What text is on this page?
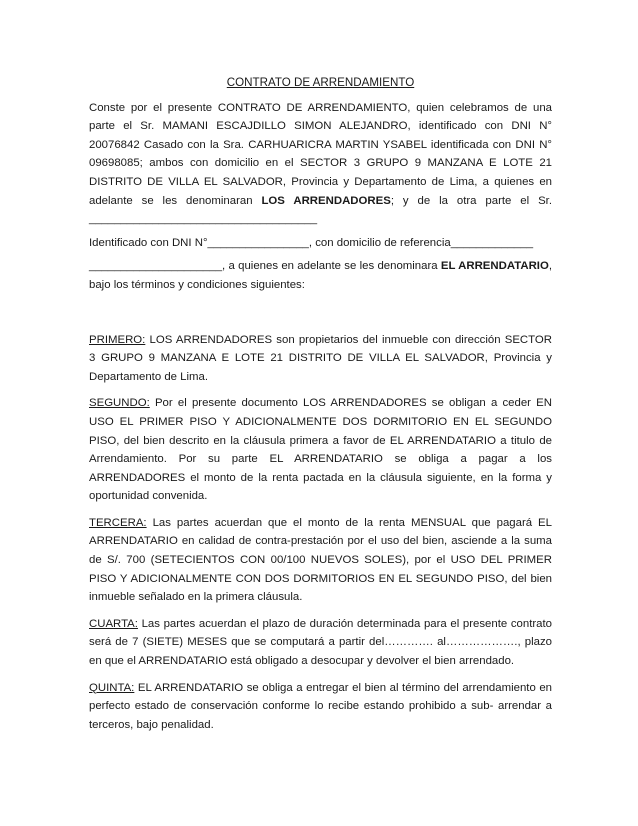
CONTRATO DE ARRENDAMIENTO

Conste por el presente CONTRATO DE ARRENDAMIENTO, quien celebramos de una parte el Sr. MAMANI ESCAJDILLO SIMON ALEJANDRO, identificado con DNI N° 20076842 Casado con la Sra. CARHUARICRA MARTIN YSABEL identificada con DNI N° 09698085; ambos con domicilio en el SECTOR 3 GRUPO 9 MANZANA E LOTE 21 DISTRITO DE VILLA EL SALVADOR, Provincia y Departamento de Lima, a quienes en adelante se les denominaran LOS ARRENDADORES; y de la otra parte el Sr. ____________________________________

Identificado con DNI N°________________, con domicilio de referencia_____________

_____________________, a quienes en adelante se les denominara EL ARRENDATARIO, bajo los términos y condiciones siguientes:

PRIMERO: LOS ARRENDADORES son propietarios del inmueble con dirección SECTOR 3 GRUPO 9 MANZANA E LOTE 21 DISTRITO DE VILLA EL SALVADOR, Provincia y Departamento de Lima.

SEGUNDO: Por el presente documento LOS ARRENDADORES se obligan a ceder EN USO EL PRIMER PISO Y ADICIONALMENTE DOS DORMITORIO EN EL SEGUNDO PISO, del bien descrito en la cláusula primera a favor de EL ARRENDATARIO a titulo de Arrendamiento. Por su parte EL ARRENDATARIO se obliga a pagar a los ARRENDADORES el monto de la renta pactada en la cláusula siguiente, en la forma y oportunidad convenida.

TERCERA: Las partes acuerdan que el monto de la renta MENSUAL que pagará EL ARRENDATARIO en calidad de contra-prestación por el uso del bien, asciende a la suma de S/. 700 (SETECIENTOS CON 00/100 NUEVOS SOLES), por el USO DEL PRIMER PISO Y ADICIONALMENTE CON DOS DORMITORIOS EN EL SEGUNDO PISO, del bien inmueble señalado en la primera cláusula.

CUARTA: Las partes acuerdan el plazo de duración determinada para el presente contrato será de 7 (SIETE) MESES que se computará a partir del…………. al………………., plazo en que el ARRENDATARIO está obligado a desocupar y devolver el bien arrendado.

QUINTA: EL ARRENDATARIO se obliga a entregar el bien al término del arrendamiento en perfecto estado de conservación conforme lo recibe estando prohibido a sub- arrendar a terceros, bajo penalidad.
